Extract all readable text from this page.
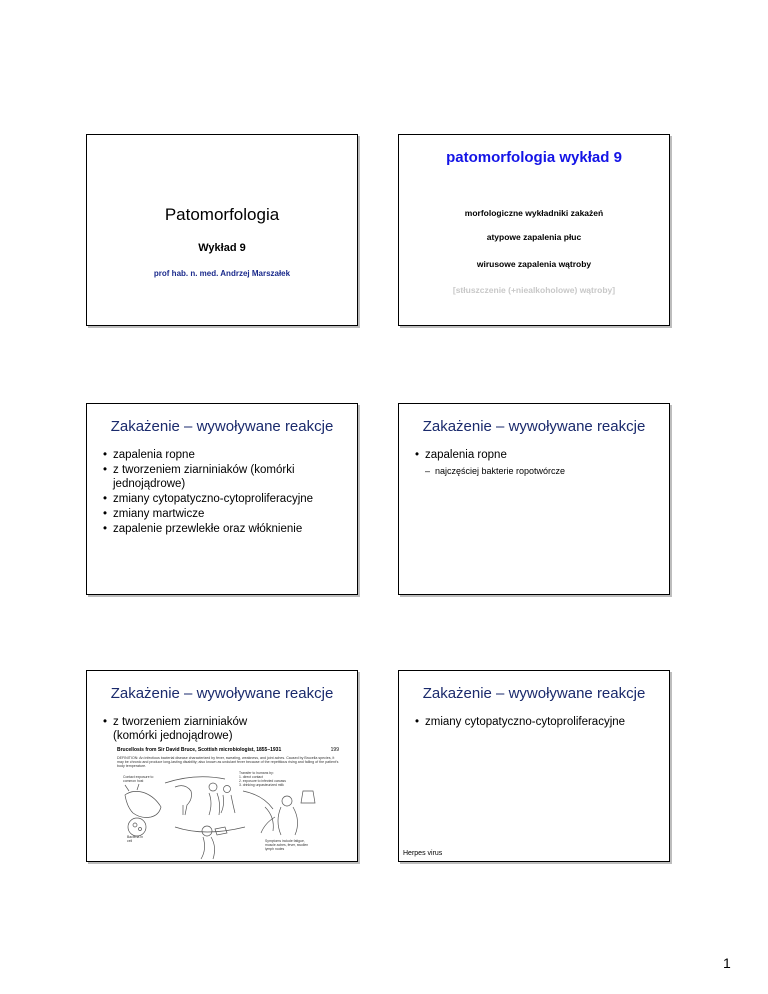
Patomorfologia
Wykład 9
prof hab. n. med. Andrzej Marszałek
patomorfologia wykład 9
morfologiczne wykładniki zakażeń
atypowe zapalenia płuc
wirusowe zapalenia wątroby
[stłuszczenie (+niealkoholowe) wątroby]
Zakażenie – wywoływane reakcje
• zapalenia ropne
• z tworzeniem ziarniniaków (komórki jednojądrowe)
• zmiany cytopatyczno-cytoproliferacyjne
• zmiany martwicze
• zapalenie przewlekłe oraz włóknienie
Zakażenie – wywoływane reakcje
• zapalenia ropne
– najczęściej bakterie ropotwórcze
Zakażenie – wywoływane reakcje
• z tworzeniem ziarniniaków
(komórki jednojądrowe)
Brucellosis from Sir David Bruce, Scottish microbiologist, 1855–1931	199
DEFINITION: An infectious bacterial disease characterized by fever, sweating, weakness, and joint aches. Caused by Brucella species, it may be chronic and produce long-lasting disability; also known as undulant fever because of the repetitious rising and falling of the patient's body temperature.
Transfer to humans by:
1. direct contact
2. exposure to infected carcass
3. drinking unpasteurized milk
Contact exposure to common host
Bacteria in cell	Symptoms include fatigue, muscle aches, fever, swollen lymph nodes
Zakażenie – wywoływane reakcje
• zmiany cytopatyczno-cytoproliferacyjne
Herpes virus
1
